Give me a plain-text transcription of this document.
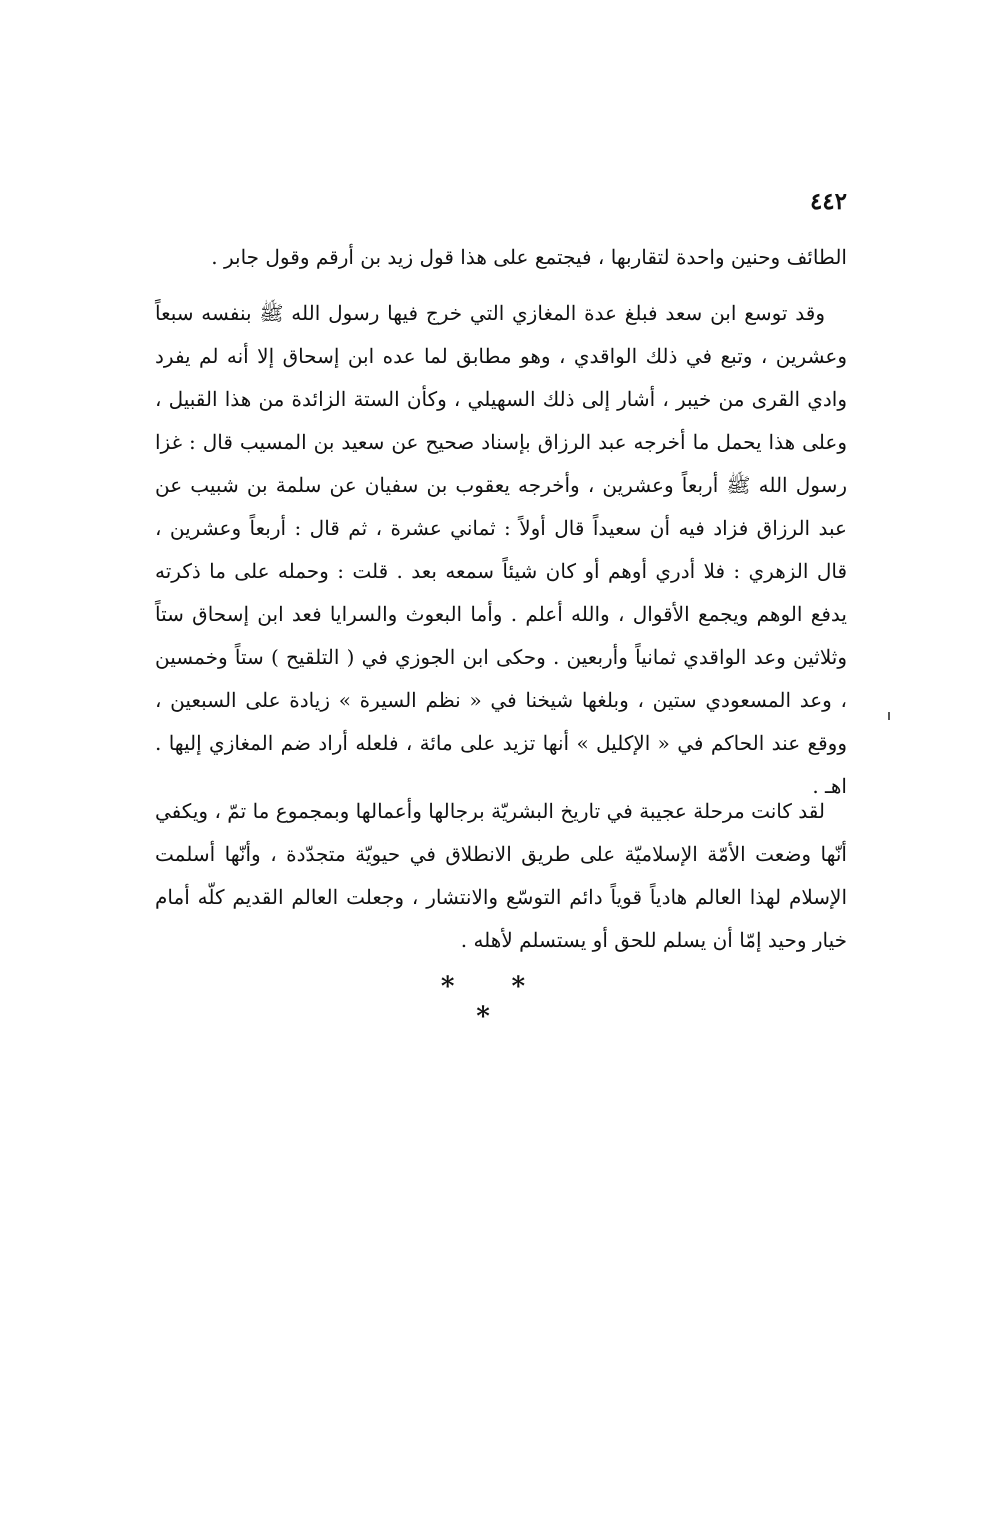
٤٤٢

الطائف وحنين واحدة لتقاربها ، فيجتمع على هذا قول زيد بن أرقم وقول جابر .

وقد توسع ابن سعد فبلغ عدة المغازي التي خرج فيها رسول الله ﷺ بنفسه سبعاً وعشرين ، وتبع في ذلك الواقدي ، وهو مطابق لما عده ابن إسحاق إلا أنه لم يفرد وادي القرى من خيبر ، أشار إلى ذلك السهيلي ، وكأن الستة الزائدة من هذا القبيل ، وعلى هذا يحمل ما أخرجه عبد الرزاق بإسناد صحيح عن سعيد بن المسيب قال : غزا رسول الله ﷺ أربعاً وعشرين ، وأخرجه يعقوب بن سفيان عن سلمة بن شبيب عن عبد الرزاق فزاد فيه أن سعيداً قال أولاً : ثماني عشرة ، ثم قال : أربعاً وعشرين ، قال الزهري : فلا أدري أوهم أو كان شيئاً سمعه بعد . قلت : وحمله على ما ذكرته يدفع الوهم ويجمع الأقوال ، والله أعلم . وأما البعوث والسرايا فعد ابن إسحاق ستاً وثلاثين وعد الواقدي ثمانياً وأربعين . وحكى ابن الجوزي في ( التلقيح ) ستاً وخمسين ، وعد المسعودي ستين ، وبلغها شيخنا في « نظم السيرة » زيادة على السبعين ، ووقع عند الحاكم في « الإكليل » أنها تزيد على مائة ، فلعله أراد ضم المغازي إليها . اهـ .

لقد كانت مرحلة عجيبة في تاريخ البشريّة برجالها وأعمالها وبمجموع ما تمّ ، ويكفي أنّها وضعت الأمّة الإسلاميّة على طريق الانطلاق في حيويّة متجدّدة ، وأنّها أسلمت الإسلام لهذا العالم هادياً قوياً دائم التوسّع والانتشار ، وجعلت العالم القديم كلّه أمام خيار وحيد إمّا أن يسلم للحق أو يستسلم لأهله .

* * *
